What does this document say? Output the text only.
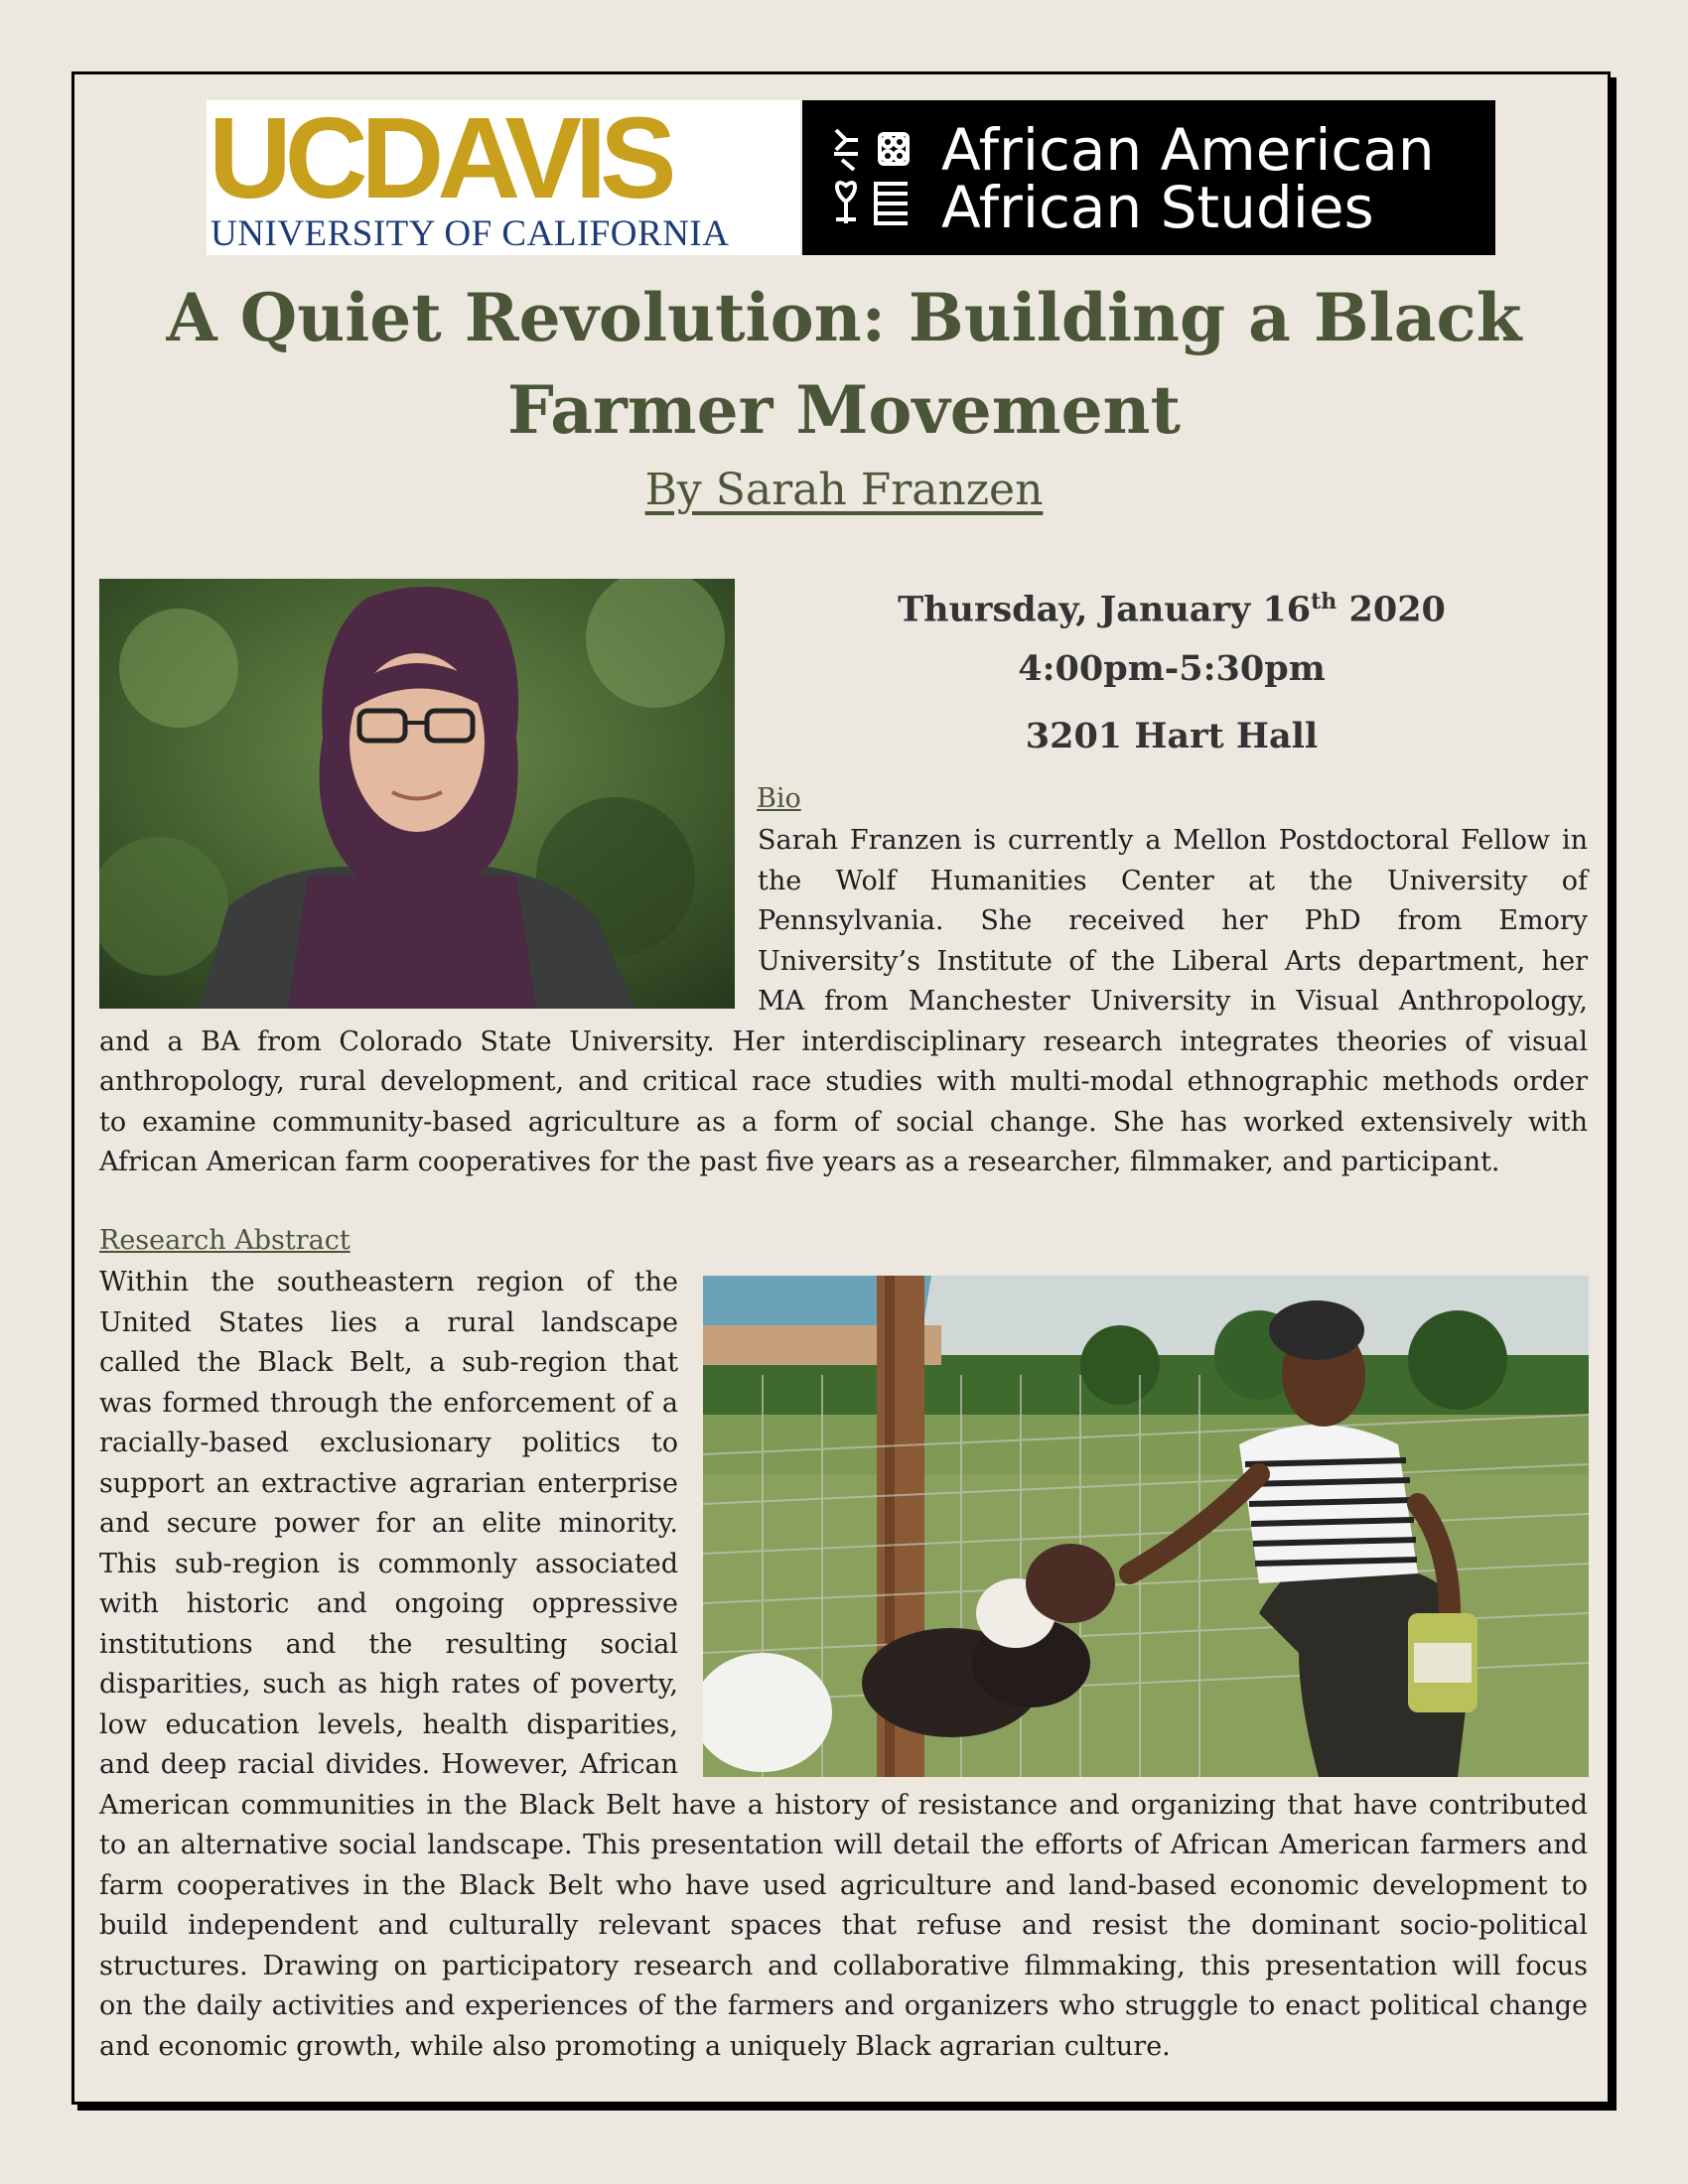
UCDAVIS
UNIVERSITY OF CALIFORNIA
African American
African Studies
A Quiet Revolution: Building a Black
Farmer Movement
By Sarah Franzen
Thursday, January 16th 2020
4:00pm-5:30pm
3201 Hart Hall
Bio
Sarah Franzen is currently a Mellon Postdoctoral Fellow in
the Wolf Humanities Center at the University of
Pennsylvania. She received her PhD from Emory
University’s Institute of the Liberal Arts department, her
MA from Manchester University in Visual Anthropology,
and a BA from Colorado State University. Her interdisciplinary research integrates theories of visual
anthropology, rural development, and critical race studies with multi-modal ethnographic methods order
to examine community-based agriculture as a form of social change. She has worked extensively with
African American farm cooperatives for the past five years as a researcher, filmmaker, and participant.
Research Abstract
Within the southeastern region of the
United States lies a rural landscape
called the Black Belt, a sub-region that
was formed through the enforcement of a
racially-based exclusionary politics to
support an extractive agrarian enterprise
and secure power for an elite minority.
This sub-region is commonly associated
with historic and ongoing oppressive
institutions and the resulting social
disparities, such as high rates of poverty,
low education levels, health disparities,
and deep racial divides. However, African
American communities in the Black Belt have a history of resistance and organizing that have contributed
to an alternative social landscape. This presentation will detail the efforts of African American farmers and
farm cooperatives in the Black Belt who have used agriculture and land-based economic development to
build independent and culturally relevant spaces that refuse and resist the dominant socio-political
structures. Drawing on participatory research and collaborative filmmaking, this presentation will focus
on the daily activities and experiences of the farmers and organizers who struggle to enact political change
and economic growth, while also promoting a uniquely Black agrarian culture.
